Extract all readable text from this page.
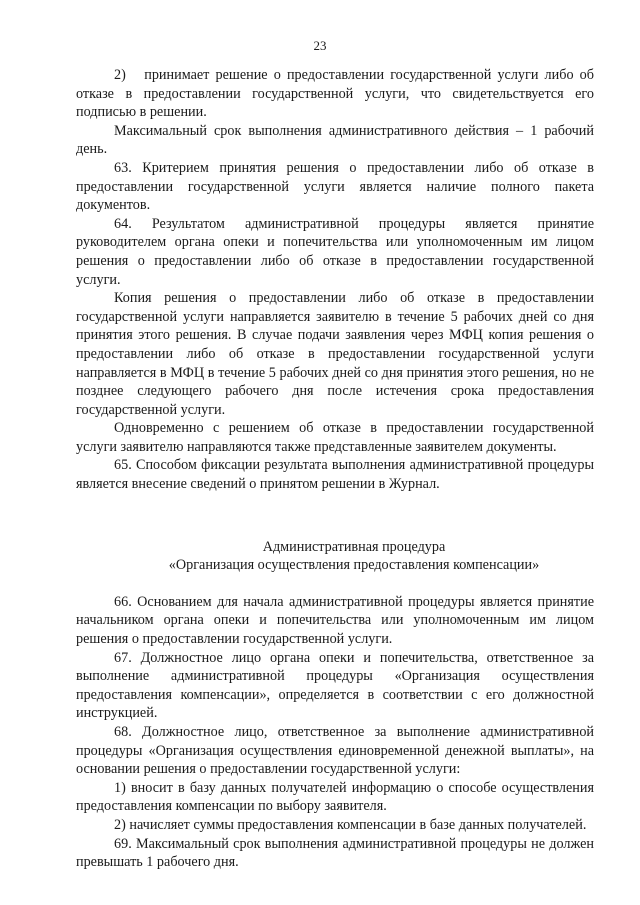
23

2)   принимает решение о предоставлении государственной услуги либо об отказе в предоставлении государственной услуги, что свидетельствуется его подписью в решении.

Максимальный срок выполнения административного действия – 1 рабочий день.

63. Критерием принятия решения о предоставлении либо об отказе в предоставлении государственной услуги является наличие полного пакета документов.

64. Результатом административной процедуры является принятие руководителем органа опеки и попечительства или уполномоченным им лицом решения о предоставлении либо об отказе в предоставлении государственной услуги.

Копия решения о предоставлении либо об отказе в предоставлении государственной услуги направляется заявителю в течение 5 рабочих дней со дня принятия этого решения. В случае подачи заявления через МФЦ копия решения о предоставлении либо об отказе в предоставлении государственной услуги направляется в МФЦ в течение 5 рабочих дней со дня принятия этого решения, но не позднее следующего рабочего дня после истечения срока предоставления государственной услуги.

Одновременно с решением об отказе в предоставлении государственной услуги заявителю направляются также представленные заявителем документы.

65. Способом фиксации результата выполнения административной процедуры является внесение сведений о принятом решении в Журнал.

Административная процедура

«Организация осуществления предоставления компенсации»

66. Основанием для начала административной процедуры является принятие начальником органа опеки и попечительства или уполномоченным им лицом решения о предоставлении государственной услуги.

67. Должностное лицо органа опеки и попечительства, ответственное за выполнение административной процедуры «Организация осуществления предоставления компенсации», определяется в соответствии с его должностной инструкцией.

68. Должностное лицо, ответственное за выполнение административной процедуры «Организация осуществления единовременной денежной выплаты», на основании решения о предоставлении государственной услуги:

1) вносит в базу данных получателей информацию о способе осуществления предоставления компенсации по выбору заявителя.

2) начисляет суммы предоставления компенсации в базе данных получателей.

69. Максимальный срок выполнения административной процедуры не должен превышать 1 рабочего дня.
